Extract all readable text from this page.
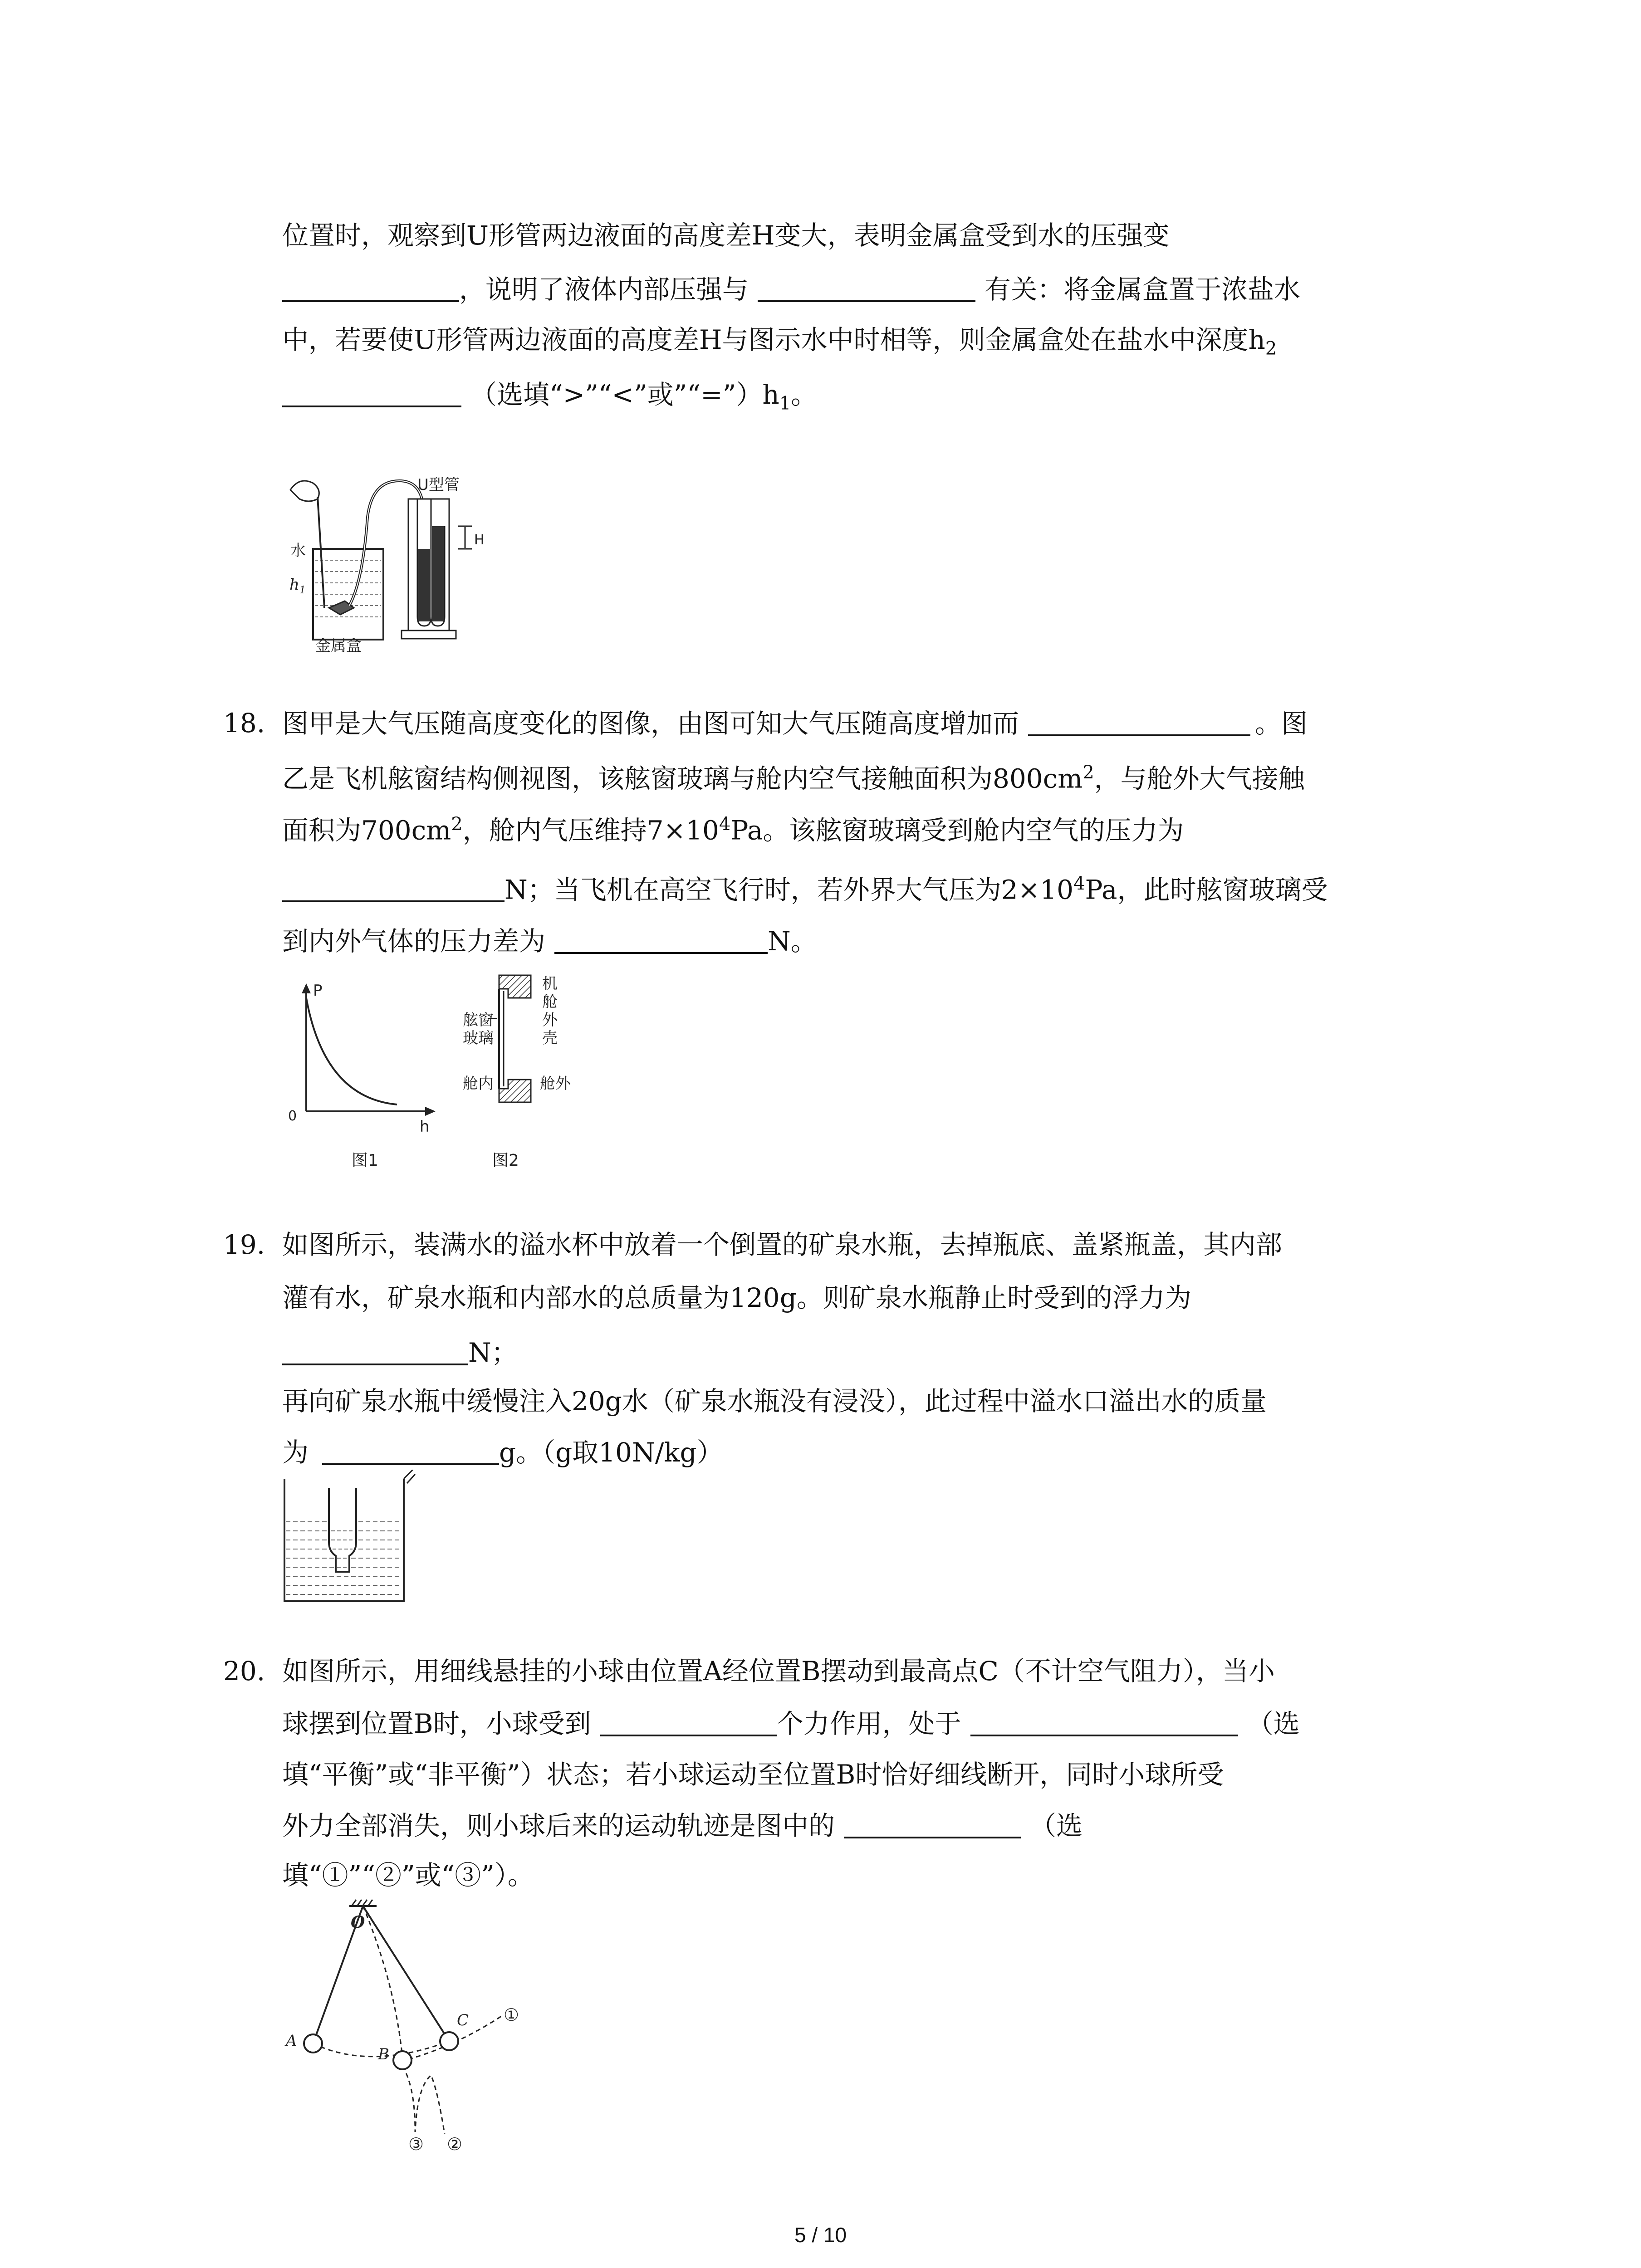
位置时，观察到U形管两边液面的高度差H变大，表明金属盒受到水的压强变
，说明了液体内部压强与	有关：将金属盒置于浓盐水
中，若要使U形管两边液面的高度差H与图示水中时相等，则金属盒处在盐水中深度$h_2$
（选填“>”“<”或$”“=”)h_1$。
U型管
水
$h_1$
金属盒
H
18. 图甲是大气压随高度变化的图像，由图可知大气压随高度增加而	。图
乙是飞机舷窗结构侧视图，该舷窗玻璃与舱内空气接触面积为$800cm^2$，与舱外大气接触
面积为$700cm^2$，舱内气压维持$7\times 10^4Pa$。该舷窗玻璃受到舱内空气的压力为
N；当飞机在高空飞行时，若外界大气压为$2\times 10^4Pa$，此时舷窗玻璃受
到内外气体的压力差为	N。
P
h
0
图1
舷窗
玻璃
舱内	舱外
机
舱
外
壳
图2
19. 如图所示，装满水的溢水杯中放着一个倒置的矿泉水瓶，去掉瓶底、盖紧瓶盖，其内部
灌有水，矿泉水瓶和内部水的总质量为120g。则矿泉水瓶静止时受到的浮力为
N；
再向矿泉水瓶中缓慢注入20g水（矿泉水瓶没有浸没），此过程中溢水口溢出水的质量
为	g。（g取10N/kg）
20. 如图所示，用细线悬挂的小球由位置A经位置B摆动到最高点C（不计空气阻力），当小
球摆到位置B时，小球受到	个力作用，处于	（选
填“平衡”或“非平衡”）状态；若小球运动至位置B时恰好细线断开，同时小球所受
外力全部消失，则小球后来的运动轨迹是图中的	（选
填“①”“②”或“③”）。
O
A
B
C ①
②
③
5 / 10
